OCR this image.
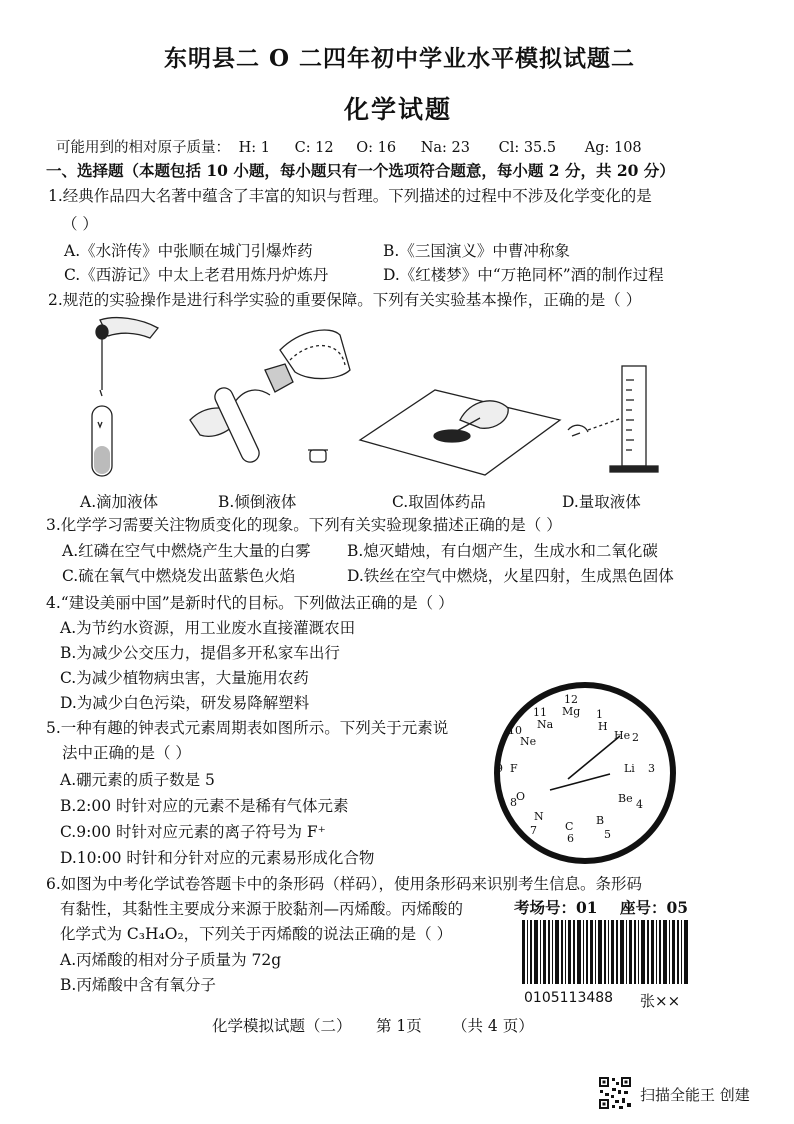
东明县二 O 二四年初中学业水平模拟试题二
化学试题
可能用到的相对原子质量： H: 1 C: 12 O: 16 Na: 23 Cl: 35.5 Ag: 108
一、选择题（本题包括 10 小题，每小题只有一个选项符合题意，每小题 2 分，共 20 分）
1.经典作品四大名著中蕴含了丰富的知识与哲理。下列描述的过程中不涉及化学变化的是
（ ）
A.《水浒传》中张顺在城门引爆炸药	B.《三国演义》中曹冲称象
C.《西游记》中太上老君用炼丹炉炼丹	D.《红楼梦》中“万艳同杯”酒的制作过程
2.规范的实验操作是进行科学实验的重要保障。下列有关实验基本操作，正确的是（ ）
A.滴加液体	B.倾倒液体	C.取固体药品	D.量取液体
3.化学学习需要关注物质变化的现象。下列有关实验现象描述正确的是（ ）
A.红磷在空气中燃烧产生大量的白雾 B.熄灭蜡烛，有白烟产生，生成水和二氧化碳
C.硫在氧气中燃烧发出蓝紫色火焰	D.铁丝在空气中燃烧，火星四射，生成黑色固体
4.“建设美丽中国”是新时代的目标。下列做法正确的是（ ）
A.为节约水资源，用工业废水直接灌溉农田
B.为减少公交压力，提倡多开私家车出行
C.为减少植物病虫害，大量施用农药
D.为减少白色污染，研发易降解塑料
5.一种有趣的钟表式元素周期表如图所示。下列关于元素说
法中正确的是（ ）
A.硼元素的质子数是 5
B.2:00 时针对应的元素不是稀有气体元素
C.9:00 时针对应元素的离子符号为 F⁺
D.10:00 时针和分针对应的元素易形成化合物
12
Mg
11
Na
1
H
10
Ne	He 2
9 F	Li 3
8 O	Be 4
N
7	C
6
B
5
6.如图为中考化学试卷答题卡中的条形码（样码），使用条形码来识别考生信息。条形码
有黏性，其黏性主要成分来源于胶黏剂—丙烯酸。丙烯酸的
化学式为 C₃H₄O₂，下列关于丙烯酸的说法正确的是（ ）
A.丙烯酸的相对分子质量为 72g
B.丙烯酸中含有氧分子
考场号：01 座号：05
0105113488 张××
化学模拟试题（二） 第 1页 （共 4 页）
扫描全能王 创建
